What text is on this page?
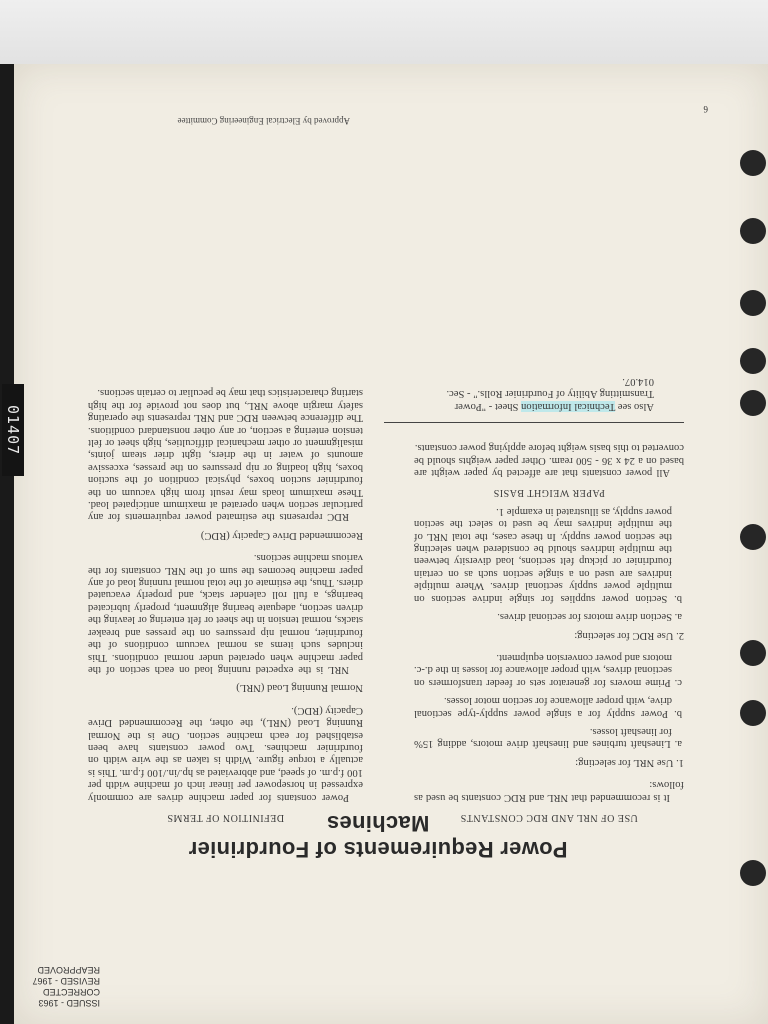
01407
ISSUED - 1963
CORRECTED
REVISED - 1967
REAPPROVED
Power Requirements of Fourdrinier Machines	USE OF NRL AND RDC CONSTANTS

It is recommended that NRL and RDC constants be used as follows:

1. Use NRL for selecting:
a. Lineshaft turbines and lineshaft drive motors, adding 15% for lineshaft losses.
b. Power supply for a single power supply-type sectional drive, with proper allowance for section motor losses.
c. Prime movers for generator sets or feeder transformers on sectional drives, with proper allowance for losses in the d.-c. motors and power conversion equipment.
2. Use RDC for selecting:
a. Section drive motors for sectional drives.
b. Section power supplies for single indrive sections on multiple power supply sectional drives. Where multiple indrives are used on a single section such as on certain fourdrinier or pickup felt sections, load diversity between the multiple indrives should be considered when selecting the section power supply. In these cases, the total NRL of the multiple indrives may be used to select the section power supply, as illustrated in example 1.
PAPER WEIGHT BASIS

All power constants that are affected by paper weight are based on a 24 x 36 - 500 ream. Other paper weights should be converted to this basis weight before applying power constants.

Also see Technical Information Sheet - "Power Transmitting Ability of Fourdrinier Rolls." - Sec. 014.07.
DEFINITION OF TERMS

Power constants for paper machine drives are commonly expressed in horsepower per linear inch of machine width per 100 f.p.m. of speed, and abbreviated as hp./in./100 f.p.m. This is actually a torque figure. Width is taken as the wire width on fourdrinier machines. Two power constants have been established for each machine section. One is the Normal Running Load (NRL), the other, the Recommended Drive Capacity (RDC).

Normal Running Load (NRL)

NRL is the expected running load on each section of the paper machine when operated under normal conditions. This includes such items as normal vacuum conditions of the fourdrinier, normal nip pressures on the presses and breaker stacks, normal tension in the sheet or felt entering or leaving the driven section, adequate bearing alignment, properly lubricated bearings, a full roll calender stack, and properly evacuated driers. Thus, the estimate of the total normal running load of any paper machine becomes the sum of the NRL constants for the various machine sections.

Recommended Drive Capacity (RDC)

RDC represents the estimated power requirements for any particular section when operated at maximum anticipated load. These maximum loads may result from high vacuum on the fourdrinier suction boxes, physical condition of the suction boxes, high loading or nip pressures on the presses, excessive amounts of water in the driers, tight drier steam joints, misalignment or other mechanical difficulties, high sheet or felt tension entering a section, or any other nonstandard conditions. The difference between RDC and NRL represents the operating safety margin above NRL, but does not provide for the high starting characteristics that may be peculiar to certain sections.

Approved by Electrical Engineering Committee
6
